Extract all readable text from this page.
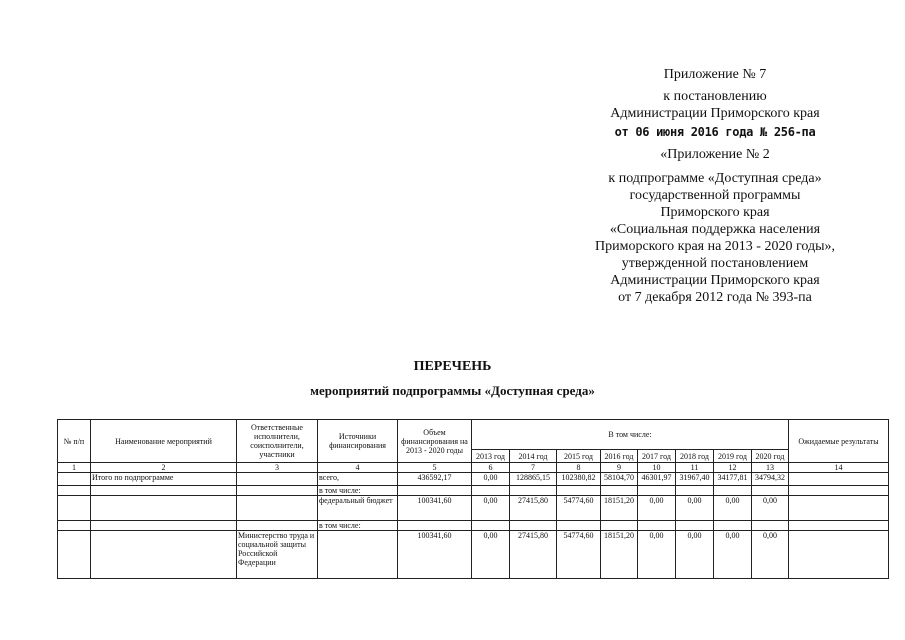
Приложение № 7
к постановлению
Администрации Приморского края
от 06 июня 2016 года № 256-па
«Приложение № 2
к подпрограмме «Доступная среда»
государственной программы
Приморского края
«Социальная поддержка населения
Приморского края на 2013 - 2020 годы»,
утвержденной постановлением
Администрации Приморского края
от 7 декабря 2012 года № 393-па
ПЕРЕЧЕНЬ
мероприятий подпрограммы «Доступная среда»
№ п/п	Наименование мероприятий	Ответственные исполнители, соисполнители, участники	Источники финансирования	Объем финансирования на 2013 - 2020 годы	В том числе:								Ожидаемые результаты
					2013 год	2014 год	2015 год	2016 год	2017 год	2018 год	2019 год	2020 год	
1	2	3	4	5	6	7	8	9	10	11	12	13	14
	Итого по подпрограмме		всего,	436592,17	0,00	128865,15	102380,82	58104,70	46301,97	31967,40	34177,81	34794,32	
			в том числе:										
			федеральный бюджет	100341,60	0,00	27415,80	54774,60	18151,20	0,00	0,00	0,00	0,00	
			в том числе:										
		Министерство труда и социальной защиты Российской Федерации		100341,60	0,00	27415,80	54774,60	18151,20	0,00	0,00	0,00	0,00	
